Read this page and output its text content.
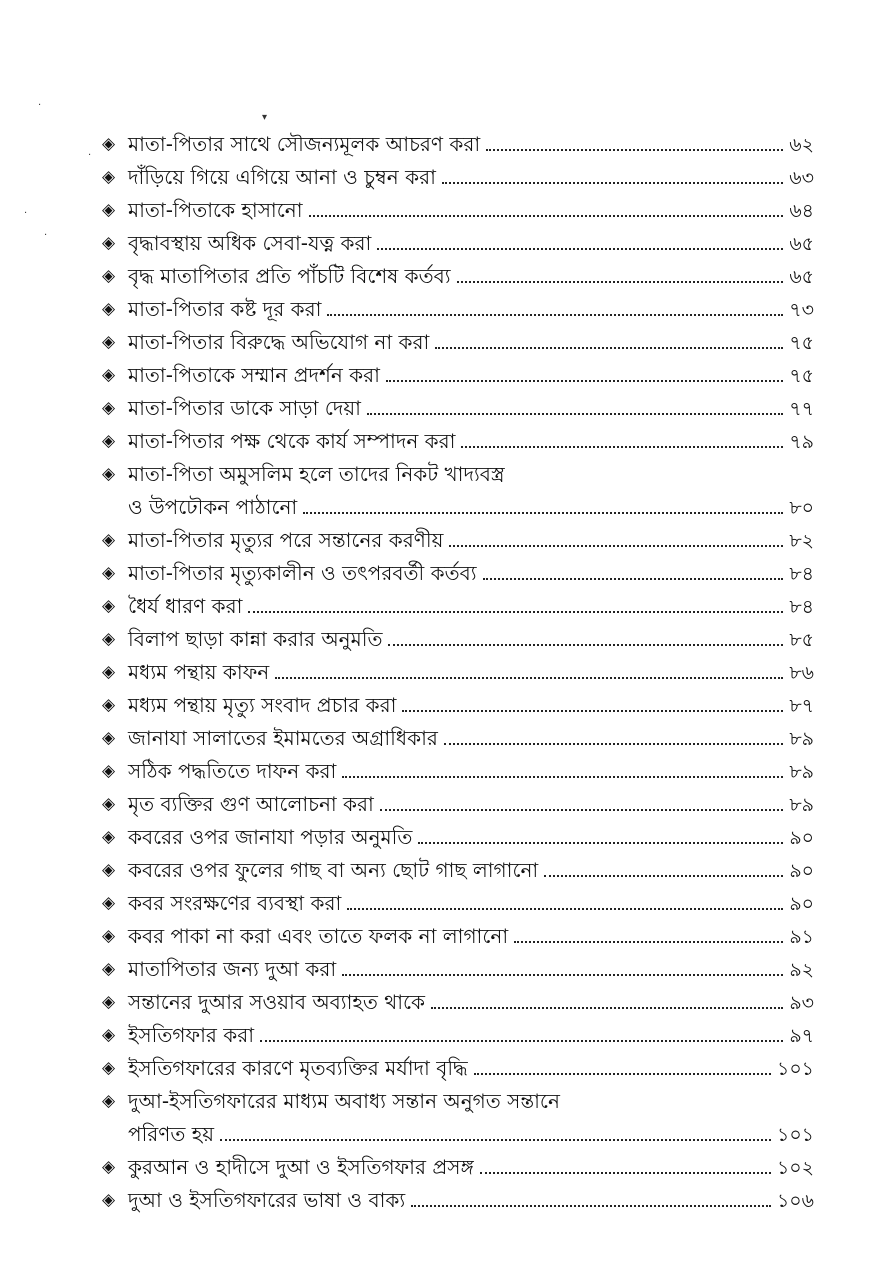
▾
·
·
·
·
◈ মাতা-পিতার সাথে সৌজন্যমূলক আচরণ করা	৬২
◈ দাঁড়িয়ে গিয়ে এগিয়ে আনা ও চুম্বন করা	৬৩
◈ মাতা-পিতাকে হাসানো	৬৪
◈ বৃদ্ধাবস্থায় অধিক সেবা-যত্ন করা	৬৫
◈ বৃদ্ধ মাতাপিতার প্রতি পাঁচটি বিশেষ কর্তব্য	৬৫
◈ মাতা-পিতার কষ্ট দূর করা	৭৩
◈ মাতা-পিতার বিরুদ্ধে অভিযোগ না করা	৭৫
◈ মাতা-পিতাকে সম্মান প্রদর্শন করা	৭৫
◈ মাতা-পিতার ডাকে সাড়া দেয়া	৭৭
◈ মাতা-পিতার পক্ষ থেকে কার্য সম্পাদন করা	৭৯
◈ মাতা-পিতা অমুসলিম হলে তাদের নিকট খাদ্যবস্ত্র
ও উপঢৌকন পাঠানো	৮০
◈ মাতা-পিতার মৃত্যুর পরে সন্তানের করণীয়	৮২
◈ মাতা-পিতার মৃত্যুকালীন ও তৎপরবর্তী কর্তব্য	৮৪
◈ ধৈর্য ধারণ করা	৮৪
◈ বিলাপ ছাড়া কান্না করার অনুমতি	৮৫
◈ মধ্যম পন্থায় কাফন	৮৬
◈ মধ্যম পন্থায় মৃত্যু সংবাদ প্রচার করা	৮৭
◈ জানাযা সালাতের ইমামতের অগ্রাধিকার	৮৯
◈ সঠিক পদ্ধতিতে দাফন করা	৮৯
◈ মৃত ব্যক্তির গুণ আলোচনা করা	৮৯
◈ কবরের ওপর জানাযা পড়ার অনুমতি	৯০
◈ কবরের ওপর ফুলের গাছ বা অন্য ছোট গাছ লাগানো	৯০
◈ কবর সংরক্ষণের ব্যবস্থা করা	৯০
◈ কবর পাকা না করা এবং তাতে ফলক না লাগানো	৯১
◈ মাতাপিতার জন্য দুআ করা	৯২
◈ সন্তানের দুআর সওয়াব অব্যাহত থাকে	৯৩
◈ ইসতিগফার করা	৯৭
◈ ইসতিগফারের কারণে মৃতব্যক্তির মর্যাদা বৃদ্ধি	১০১
◈ দুআ-ইসতিগফারের মাধ্যম অবাধ্য সন্তান অনুগত সন্তানে
পরিণত হয়	১০১
◈ কুরআন ও হাদীসে দুআ ও ইসতিগফার প্রসঙ্গ	১০২
◈ দুআ ও ইসতিগফারের ভাষা ও বাক্য	১০৬
